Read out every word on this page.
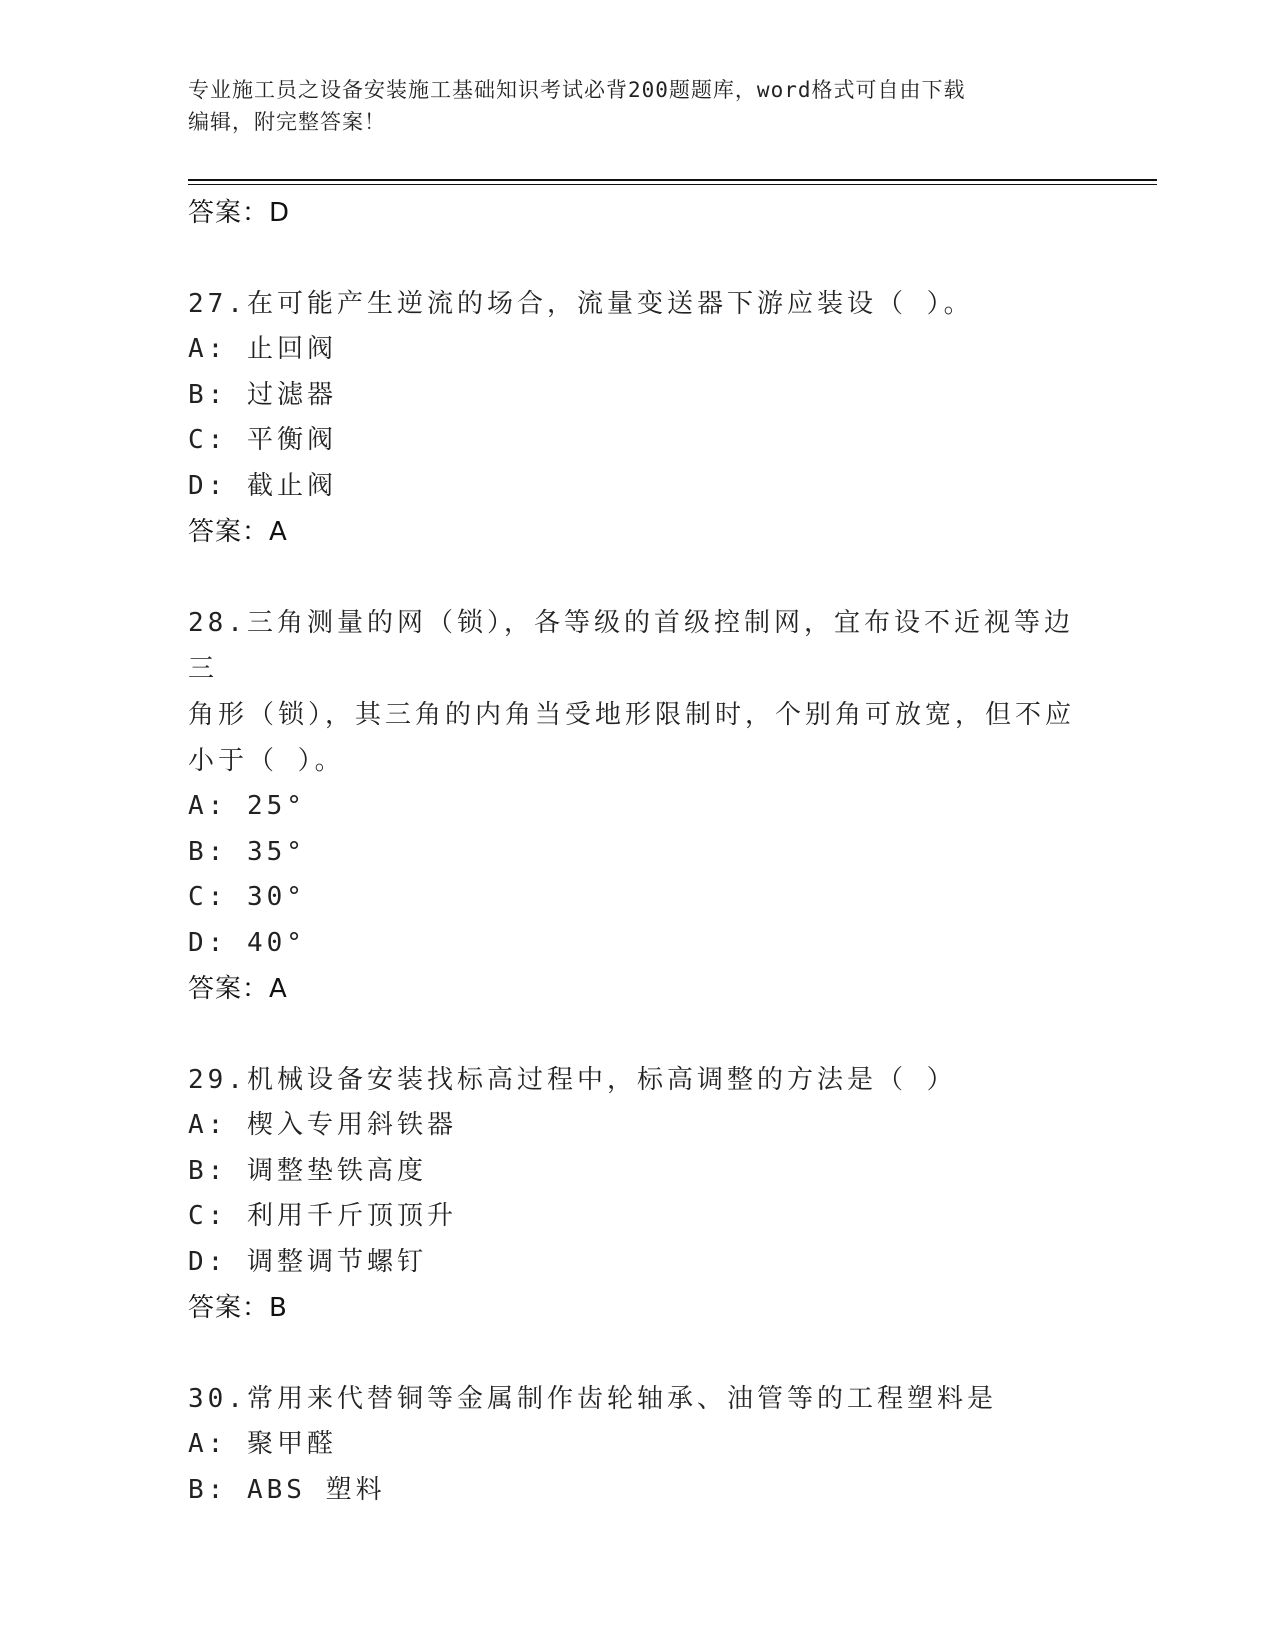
专业施工员之设备安装施工基础知识考试必背200题题库，word格式可自由下载
编辑，附完整答案！
答案：D
27.在可能产生逆流的场合，流量变送器下游应装设（ ）。
A: 止回阀
B: 过滤器
C: 平衡阀
D: 截止阀
答案：A
28.三角测量的网（锁），各等级的首级控制网，宜布设不近视等边三
角形（锁），其三角的内角当受地形限制时，个别角可放宽，但不应
小于（ ）。
A: 25°
B: 35°
C: 30°
D: 40°
答案：A
29.机械设备安装找标高过程中，标高调整的方法是（ ）
A: 楔入专用斜铁器
B: 调整垫铁高度
C: 利用千斤顶顶升
D: 调整调节螺钉
答案：B
30.常用来代替铜等金属制作齿轮轴承、油管等的工程塑料是
A: 聚甲醛
B: ABS 塑料
